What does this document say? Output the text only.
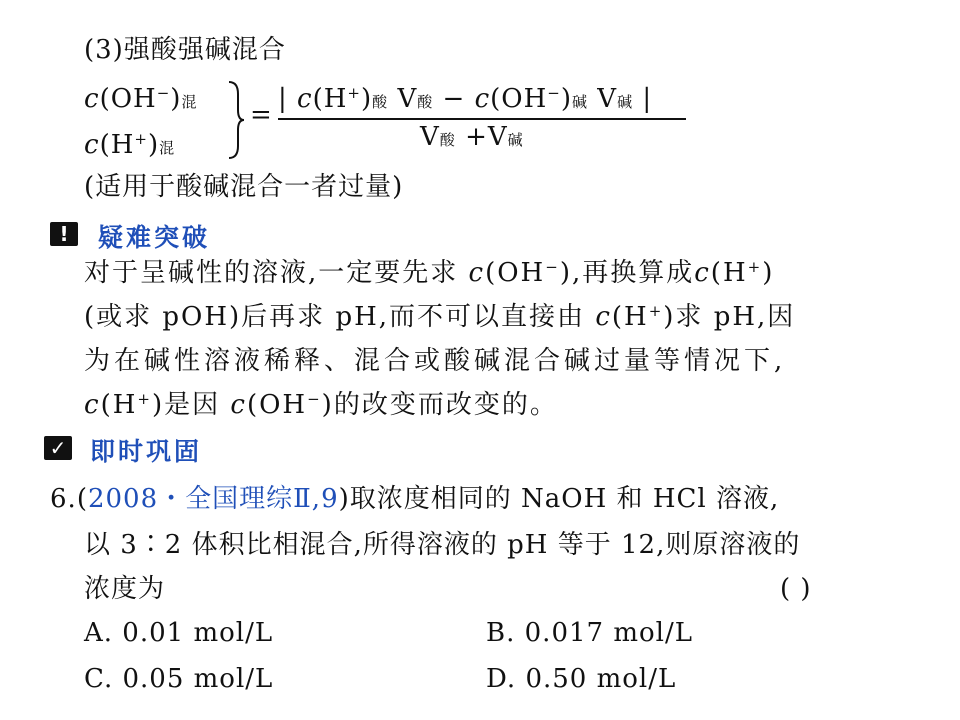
(3)强酸强碱混合
c(OH−)混
c(H+)混
=
| c(H+)酸 V酸 − c(OH−)碱 V碱 |
V酸 +V碱
(适用于酸碱混合一者过量)
!	疑难突破
对于呈碱性的溶液,一定要先求 c(OH−),再换算成c(H+)
(或求 pOH)后再求 pH,而不可以直接由 c(H+)求 pH,因
为在碱性溶液稀释、混合或酸碱混合碱过量等情况下,
c(H+)是因 c(OH−)的改变而改变的。
✓ 即时巩固
6.(2008・全国理综Ⅱ,9)取浓度相同的 NaOH 和 HCl 溶液,
以 3∶2 体积比相混合,所得溶液的 pH 等于 12,则原溶液的
浓度为	( )
A. 0.01 mol/L	B. 0.017 mol/L
C. 0.05 mol/L	D. 0.50 mol/L
